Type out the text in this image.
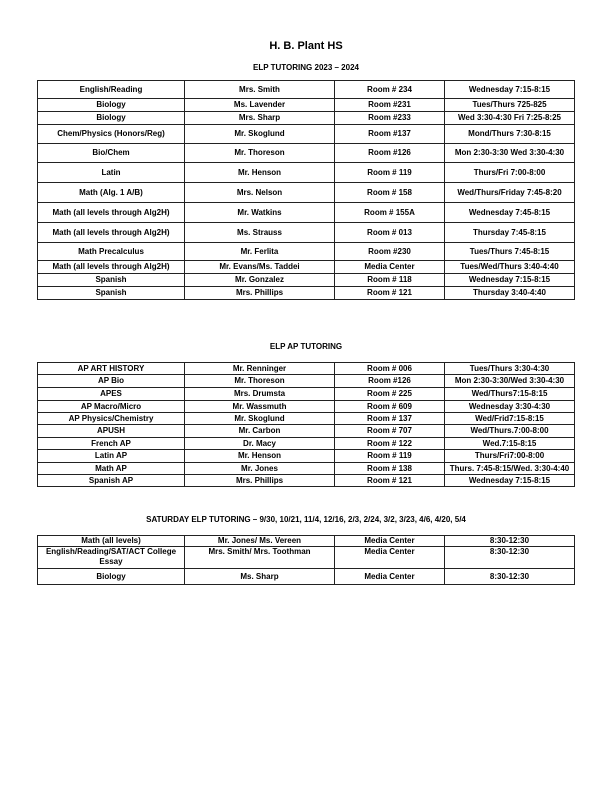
H. B. Plant HS
ELP TUTORING 2023 – 2024
English/Reading	Mrs. Smith	Room # 234	Wednesday 7:15-8:15
Biology	Ms. Lavender	Room #231	Tues/Thurs 725-825
Biology	Mrs. Sharp	Room #233	Wed 3:30-4:30 Fri 7:25-8:25
Chem/Physics (Honors/Reg)	Mr. Skoglund	Room #137	Mond/Thurs 7:30-8:15
Bio/Chem	Mr. Thoreson	Room #126	Mon 2:30-3:30 Wed 3:30-4:30
Latin	Mr. Henson	Room # 119	Thurs/Fri 7:00-8:00
Math (Alg. 1 A/B)	Mrs. Nelson	Room # 158	Wed/Thurs/Friday 7:45-8:20
Math (all levels through Alg2H)	Mr. Watkins	Room # 155A	Wednesday 7:45-8:15
Math (all levels through Alg2H)	Ms. Strauss	Room # 013	Thursday 7:45-8:15
Math Precalculus	Mr. Ferlita	Room #230	Tues/Thurs 7:45-8:15
Math (all levels through Alg2H)	Mr. Evans/Ms. Taddei	Media Center	Tues/Wed/Thurs 3:40-4:40
Spanish	Mr. Gonzalez	Room # 118	Wednesday 7:15-8:15
Spanish	Mrs. Phillips	Room # 121	Thursday 3:40-4:40
ELP AP TUTORING
AP ART HISTORY	Mr. Renninger	Room # 006	Tues/Thurs 3:30-4:30
AP Bio	Mr. Thoreson	Room #126	Mon 2:30-3:30/Wed 3:30-4:30
APES	Mrs. Drumsta	Room # 225	Wed/Thurs7:15-8:15
AP Macro/Micro	Mr. Wassmuth	Room # 609	Wednesday 3:30-4:30
AP Physics/Chemistry	Mr. Skoglund	Room # 137	Wed/Frid7:15-8:15
APUSH	Mr. Carbon	Room # 707	Wed/Thurs.7:00-8:00
French AP	Dr. Macy	Room # 122	Wed.7:15-8:15
Latin AP	Mr. Henson	Room # 119	Thurs/Fri7:00-8:00
Math AP	Mr. Jones	Room # 138	Thurs. 7:45-8:15/Wed. 3:30-4:40
Spanish AP	Mrs. Phillips	Room # 121	Wednesday 7:15-8:15
SATURDAY ELP TUTORING – 9/30, 10/21, 11/4, 12/16, 2/3, 2/24, 3/2, 3/23, 4/6, 4/20, 5/4
Math (all levels)	Mr. Jones/ Ms. Vereen	Media Center	8:30-12:30
English/Reading/SAT/ACT College Essay	Mrs. Smith/ Mrs. Toothman	Media Center	8:30-12:30
Biology	Ms. Sharp	Media Center	8:30-12:30
